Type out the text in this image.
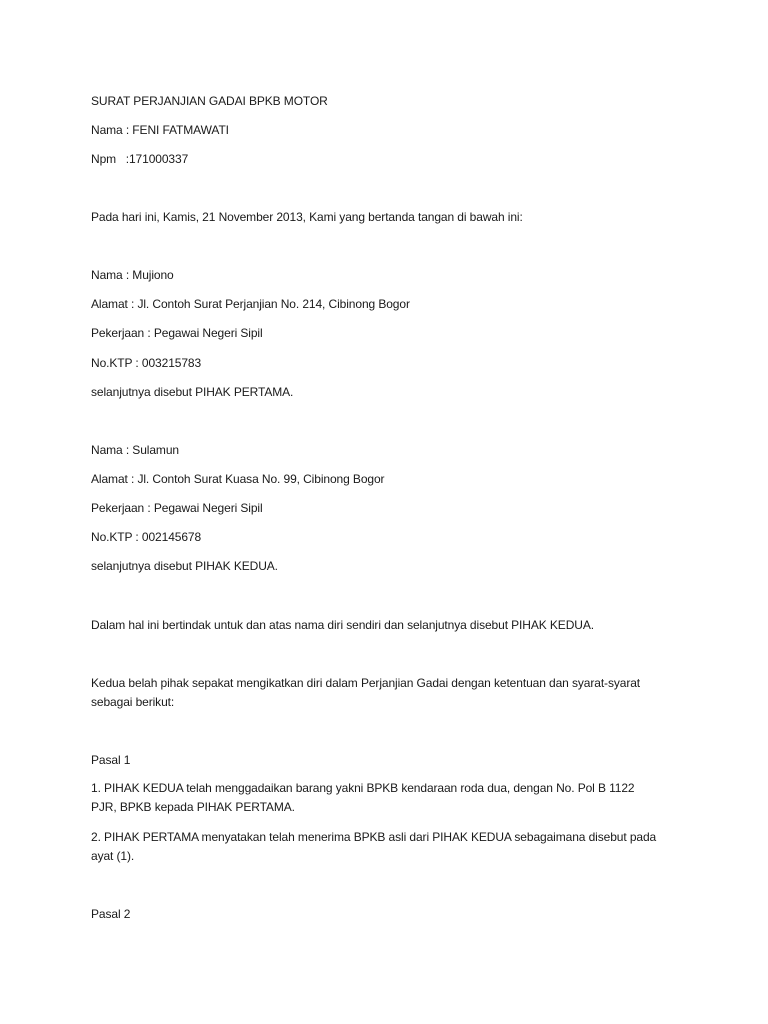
SURAT PERJANJIAN GADAI BPKB MOTOR

Nama : FENI FATMAWATI

Npm   :171000337

Pada hari ini, Kamis, 21 November 2013, Kami yang bertanda tangan di bawah ini:

Nama : Mujiono

Alamat : Jl. Contoh Surat Perjanjian No. 214, Cibinong Bogor

Pekerjaan : Pegawai Negeri Sipil

No.KTP : 003215783

selanjutnya disebut PIHAK PERTAMA.

Nama : Sulamun

Alamat : Jl. Contoh Surat Kuasa No. 99, Cibinong Bogor

Pekerjaan : Pegawai Negeri Sipil

No.KTP : 002145678

selanjutnya disebut PIHAK KEDUA.

Dalam hal ini bertindak untuk dan atas nama diri sendiri dan selanjutnya disebut PIHAK KEDUA.

Kedua belah pihak sepakat mengikatkan diri dalam Perjanjian Gadai dengan ketentuan dan syarat-syarat

sebagai berikut:

Pasal 1

1. PIHAK KEDUA telah menggadaikan barang yakni BPKB kendaraan roda dua, dengan No. Pol B 1122

PJR, BPKB kepada PIHAK PERTAMA.

2. PIHAK PERTAMA menyatakan telah menerima BPKB asli dari PIHAK KEDUA sebagaimana disebut pada

ayat (1).

Pasal 2
